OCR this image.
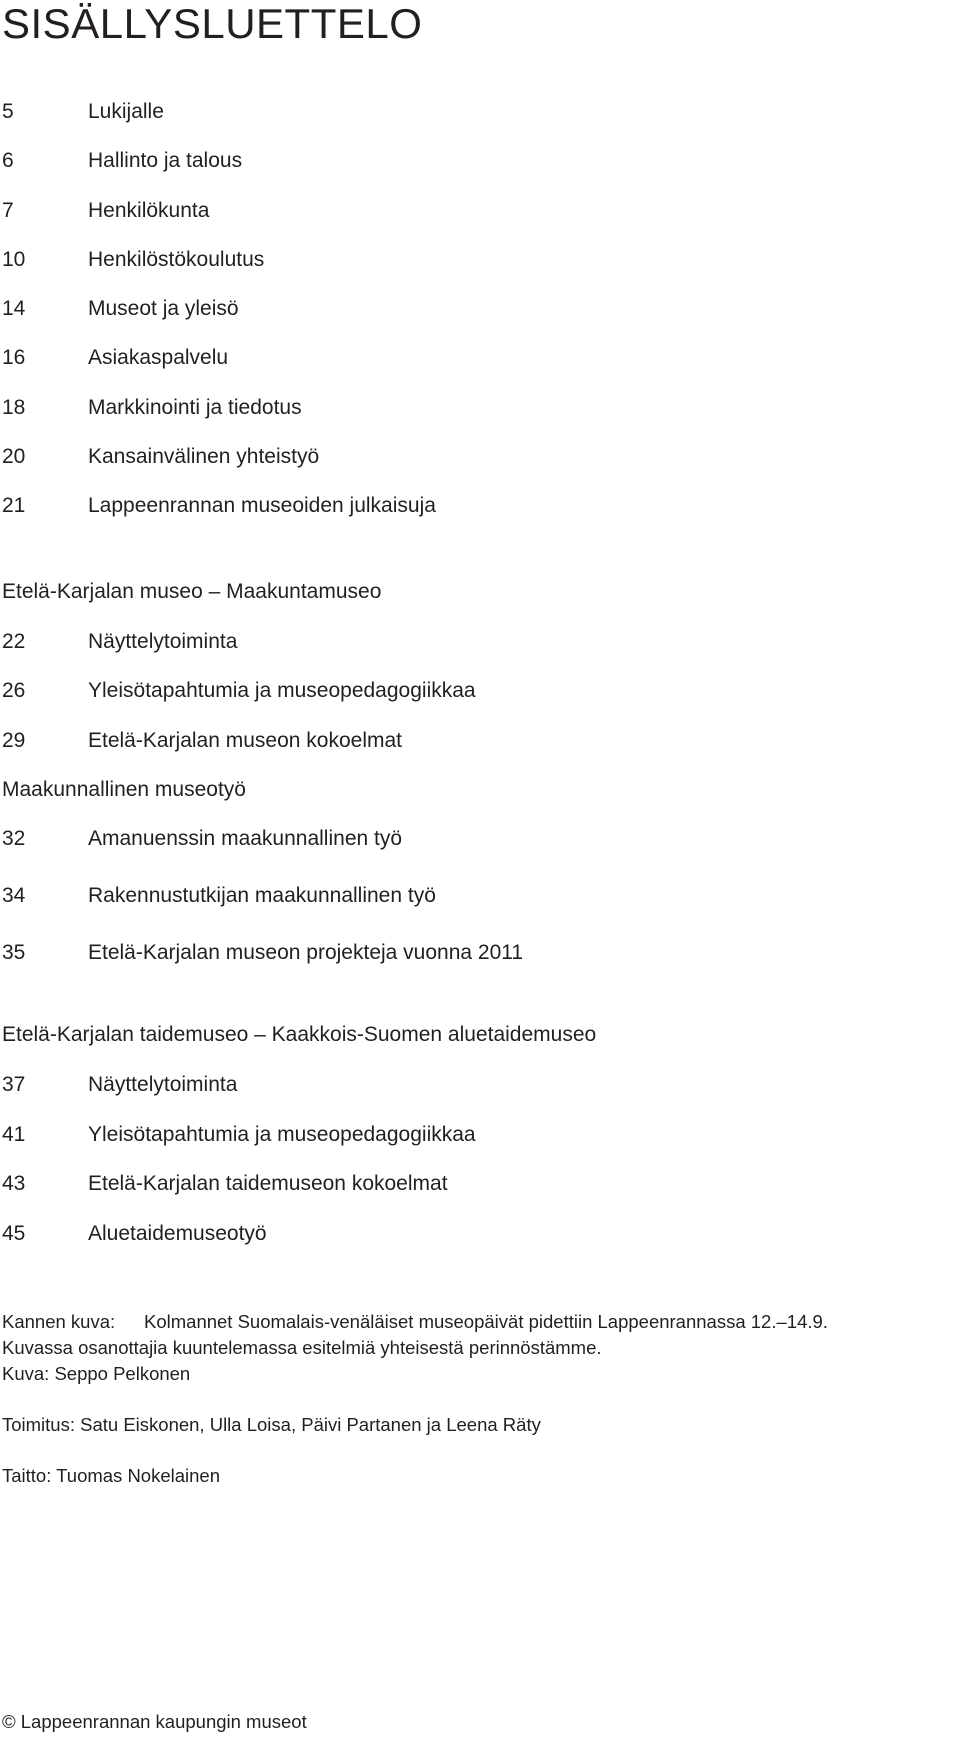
SISÄLLYSLUETTELO
5	Lukijalle
6	Hallinto ja talous
7	Henkilökunta
10	Henkilöstökoulutus
14	Museot ja yleisö
16	Asiakaspalvelu
18	Markkinointi ja tiedotus
20	Kansainvälinen yhteistyö
21	Lappeenrannan museoiden julkaisuja
Etelä-Karjalan museo – Maakuntamuseo
22	Näyttelytoiminta
26	Yleisötapahtumia ja museopedagogiikkaa
29	Etelä-Karjalan museon kokoelmat
Maakunnallinen museotyö
32	Amanuenssin maakunnallinen työ
34	Rakennustutkijan maakunnallinen työ
35	Etelä-Karjalan museon projekteja vuonna 2011
Etelä-Karjalan taidemuseo – Kaakkois-Suomen aluetaidemuseo
37	Näyttelytoiminta
41	Yleisötapahtumia ja museopedagogiikkaa
43	Etelä-Karjalan taidemuseon kokoelmat
45	Aluetaidemuseotyö
Kannen kuva: Kolmannet Suomalais-venäläiset museopäivät pidettiin Lappeenrannassa 12.–14.9.
Kuvassa osanottajia kuuntelemassa esitelmiä yhteisestä perinnöstämme.
Kuva: Seppo Pelkonen
Toimitus: Satu Eiskonen, Ulla Loisa, Päivi Partanen ja Leena Räty
Taitto: Tuomas Nokelainen
© Lappeenrannan kaupungin museot
